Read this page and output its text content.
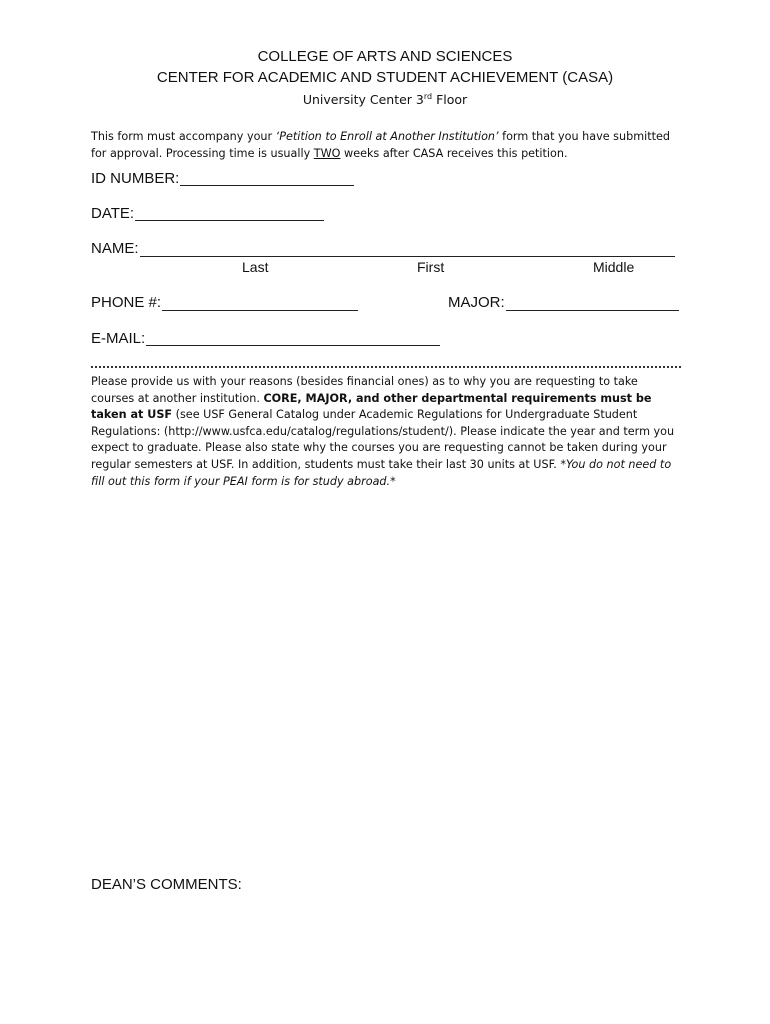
COLLEGE OF ARTS AND SCIENCES
CENTER FOR ACADEMIC AND STUDENT ACHIEVEMENT (CASA)
University Center 3rd Floor
This form must accompany your ‘Petition to Enroll at Another Institution’ form that you have submitted for approval. Processing time is usually TWO weeks after CASA receives this petition.
ID NUMBER:
DATE:
NAME:
Last	First	Middle
PHONE #:	MAJOR:
E-MAIL:
Please provide us with your reasons (besides financial ones) as to why you are requesting to take courses at another institution. CORE, MAJOR, and other departmental requirements must be taken at USF (see USF General Catalog under Academic Regulations for Undergraduate Student Regulations: (http://www.usfca.edu/catalog/regulations/student/). Please indicate the year and term you expect to graduate. Please also state why the courses you are requesting cannot be taken during your regular semesters at USF. In addition, students must take their last 30 units at USF. *You do not need to fill out this form if your PEAI form is for study abroad.*
DEAN’S COMMENTS:
